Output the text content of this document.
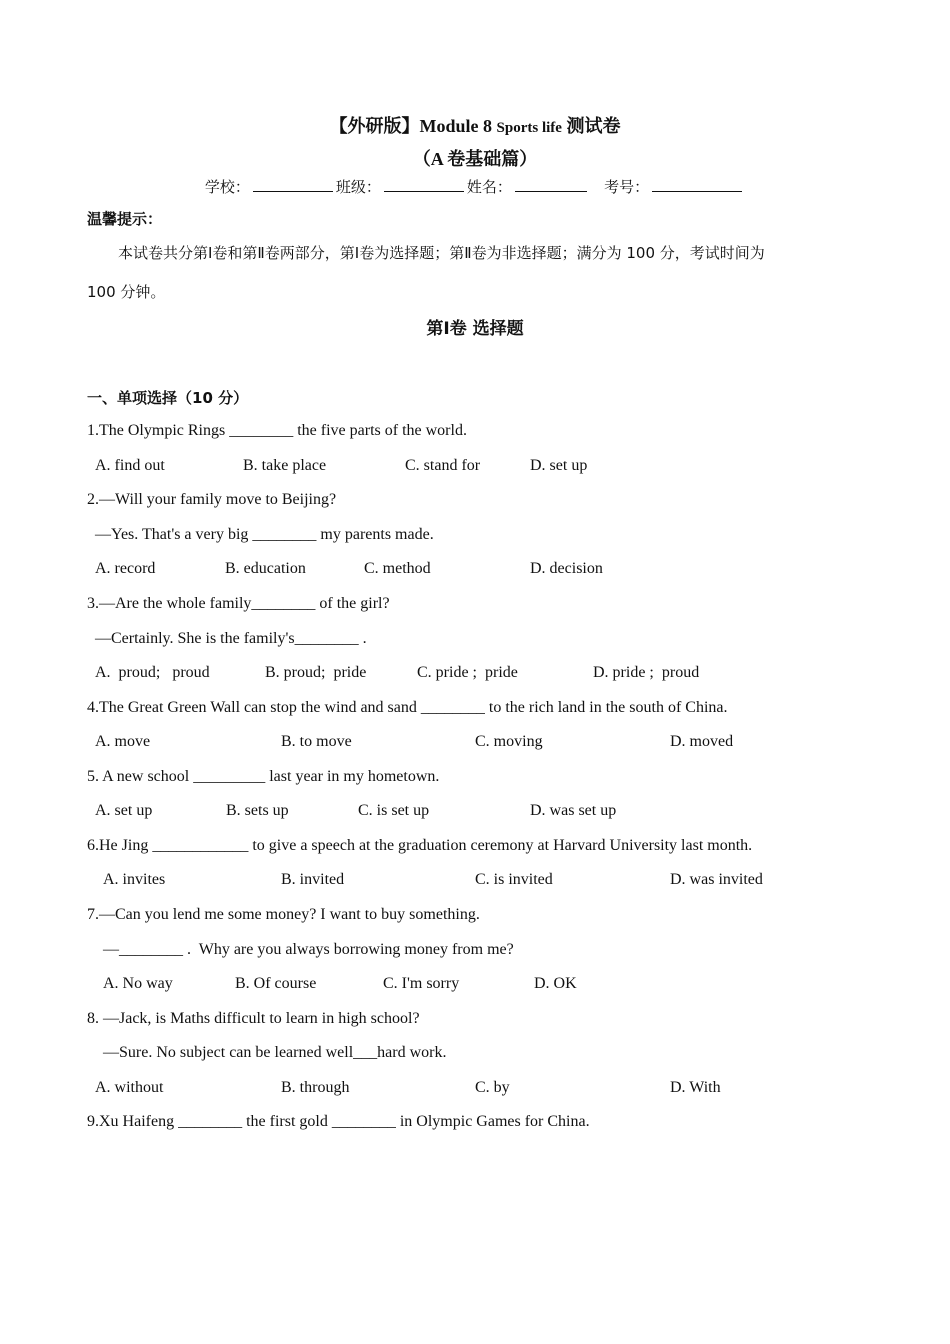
【外研版】Module 8 Sports life 测试卷
（A 卷基础篇）
学校：	班级：	姓名：	考号：
温馨提示：
本试卷共分第Ⅰ卷和第Ⅱ卷两部分，第Ⅰ卷为选择题；第Ⅱ卷为非选择题；满分为 100 分，考试时间为
100 分钟。
第Ⅰ卷 选择题
一、单项选择（10 分）
1.The Olympic Rings ________ the five parts of the world.
A. find out	B. take place	C. stand for	D. set up
2.—Will your family move to Beijing?
—Yes. That's a very big ________ my parents made.
A. record	B. education	C. method	D. decision
3.—Are the whole family________ of the girl?
—Certainly. She is the family's________ .
A.  proud;   proud	B. proud;  pride	C. pride ;  pride	D. pride ;  proud
4.The Great Green Wall can stop the wind and sand ________ to the rich land in the south of China.
A. move	B. to move	C. moving	D. moved
5. A new school _________ last year in my hometown.
A. set up	B. sets up	C. is set up	D. was set up
6.He Jing ____________ to give a speech at the graduation ceremony at Harvard University last month.
A. invites	B. invited	C. is invited	D. was invited
7.—Can you lend me some money? I want to buy something.
—________ .  Why are you always borrowing money from me?
A. No way	B. Of course	C. I'm sorry	D. OK
8. —Jack, is Maths difficult to learn in high school?
—Sure. No subject can be learned well___hard work.
A. without	B. through	C. by	D. With
9.Xu Haifeng ________ the first gold ________ in Olympic Games for China.
